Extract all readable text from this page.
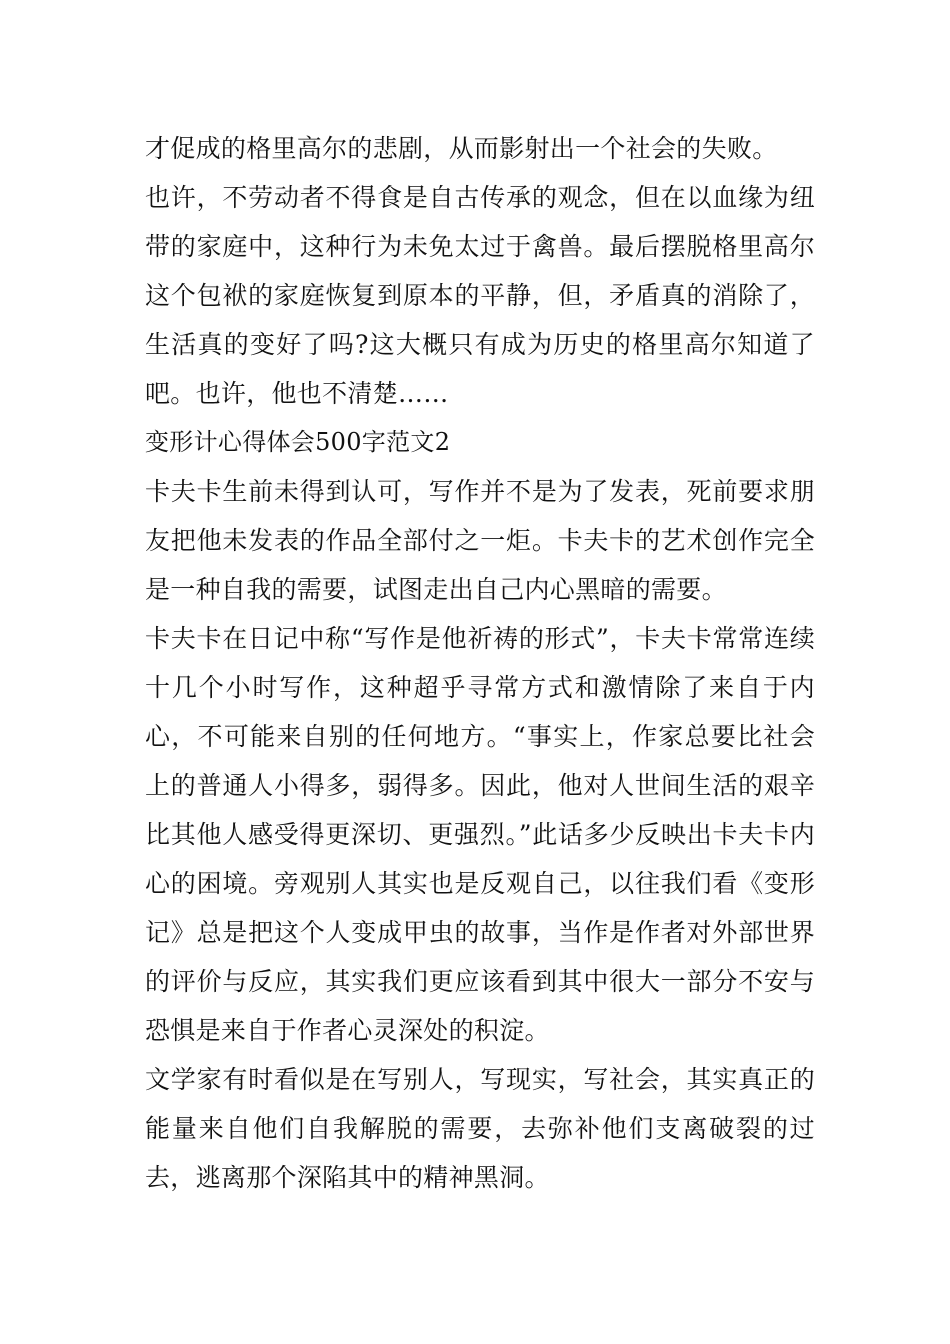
才促成的格里高尔的悲剧，从而影射出一个社会的失败。

也许，不劳动者不得食是自古传承的观念，但在以血缘为纽带的家庭中，这种行为未免太过于禽兽。最后摆脱格里高尔这个包袱的家庭恢复到原本的平静，但，矛盾真的消除了，生活真的变好了吗?这大概只有成为历史的格里高尔知道了吧。也许，他也不清楚……

变形计心得体会500字范文2

卡夫卡生前未得到认可，写作并不是为了发表，死前要求朋友把他未发表的作品全部付之一炬。卡夫卡的艺术创作完全是一种自我的需要，试图走出自己内心黑暗的需要。

卡夫卡在日记中称“写作是他祈祷的形式”，卡夫卡常常连续十几个小时写作，这种超乎寻常方式和激情除了来自于内心，不可能来自别的任何地方。“事实上，作家总要比社会上的普通人小得多，弱得多。因此，他对人世间生活的艰辛比其他人感受得更深切、更强烈。”此话多少反映出卡夫卡内心的困境。旁观别人其实也是反观自己，以往我们看《变形记》总是把这个人变成甲虫的故事，当作是作者对外部世界的评价与反应，其实我们更应该看到其中很大一部分不安与恐惧是来自于作者心灵深处的积淀。

文学家有时看似是在写别人，写现实，写社会，其实真正的能量来自他们自我解脱的需要，去弥补他们支离破裂的过去，逃离那个深陷其中的精神黑洞。
